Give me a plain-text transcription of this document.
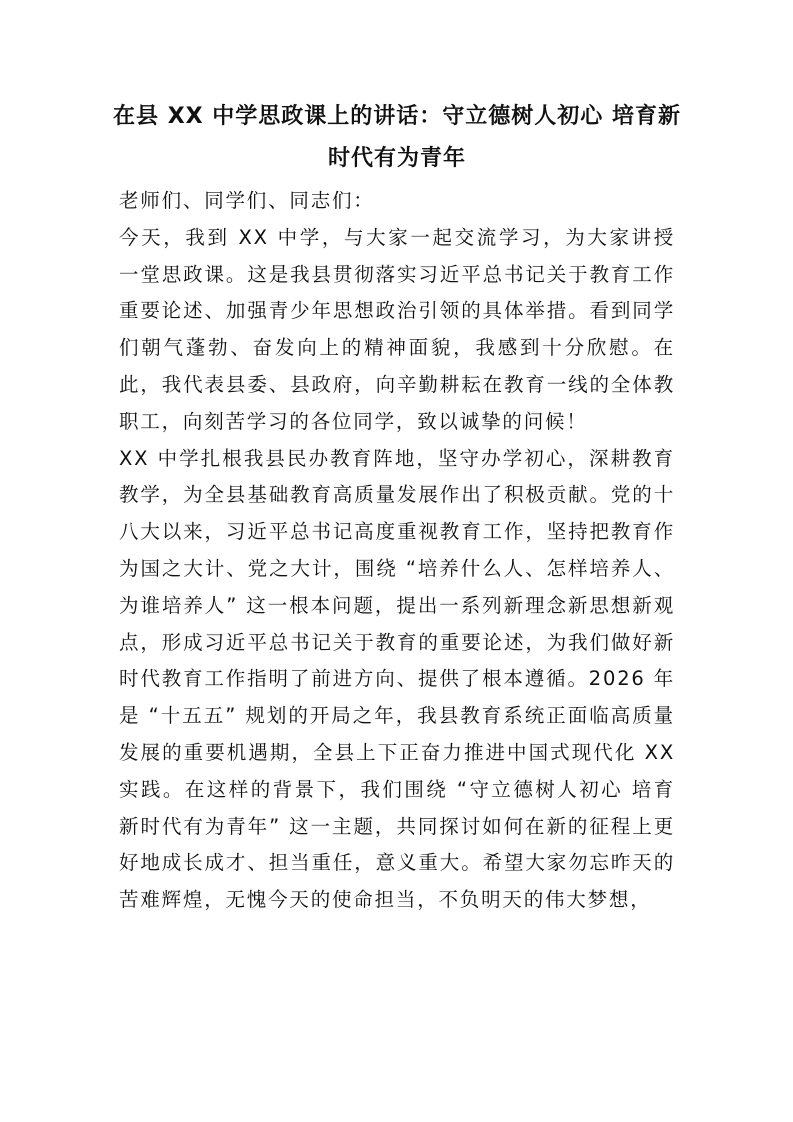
在县 XX 中学思政课上的讲话：守立德树人初心 培育新时代有为青年

老师们、同学们、同志们：

今天，我到 XX 中学，与大家一起交流学习，为大家讲授一堂思政课。这是我县贯彻落实习近平总书记关于教育工作重要论述、加强青少年思想政治引领的具体举措。看到同学们朝气蓬勃、奋发向上的精神面貌，我感到十分欣慰。在此，我代表县委、县政府，向辛勤耕耘在教育一线的全体教职工，向刻苦学习的各位同学，致以诚挚的问候！

XX 中学扎根我县民办教育阵地，坚守办学初心，深耕教育教学，为全县基础教育高质量发展作出了积极贡献。党的十八大以来，习近平总书记高度重视教育工作，坚持把教育作为国之大计、党之大计，围绕 “培养什么人、怎样培养人、为谁培养人” 这一根本问题，提出一系列新理念新思想新观点，形成习近平总书记关于教育的重要论述，为我们做好新时代教育工作指明了前进方向、提供了根本遵循。2026 年是 “十五五” 规划的开局之年，我县教育系统正面临高质量发展的重要机遇期，全县上下正奋力推进中国式现代化 XX 实践。在这样的背景下，我们围绕 “守立德树人初心 培育新时代有为青年” 这一主题，共同探讨如何在新的征程上更好地成长成才、担当重任，意义重大。希望大家勿忘昨天的苦难辉煌，无愧今天的使命担当，不负明天的伟大梦想，
